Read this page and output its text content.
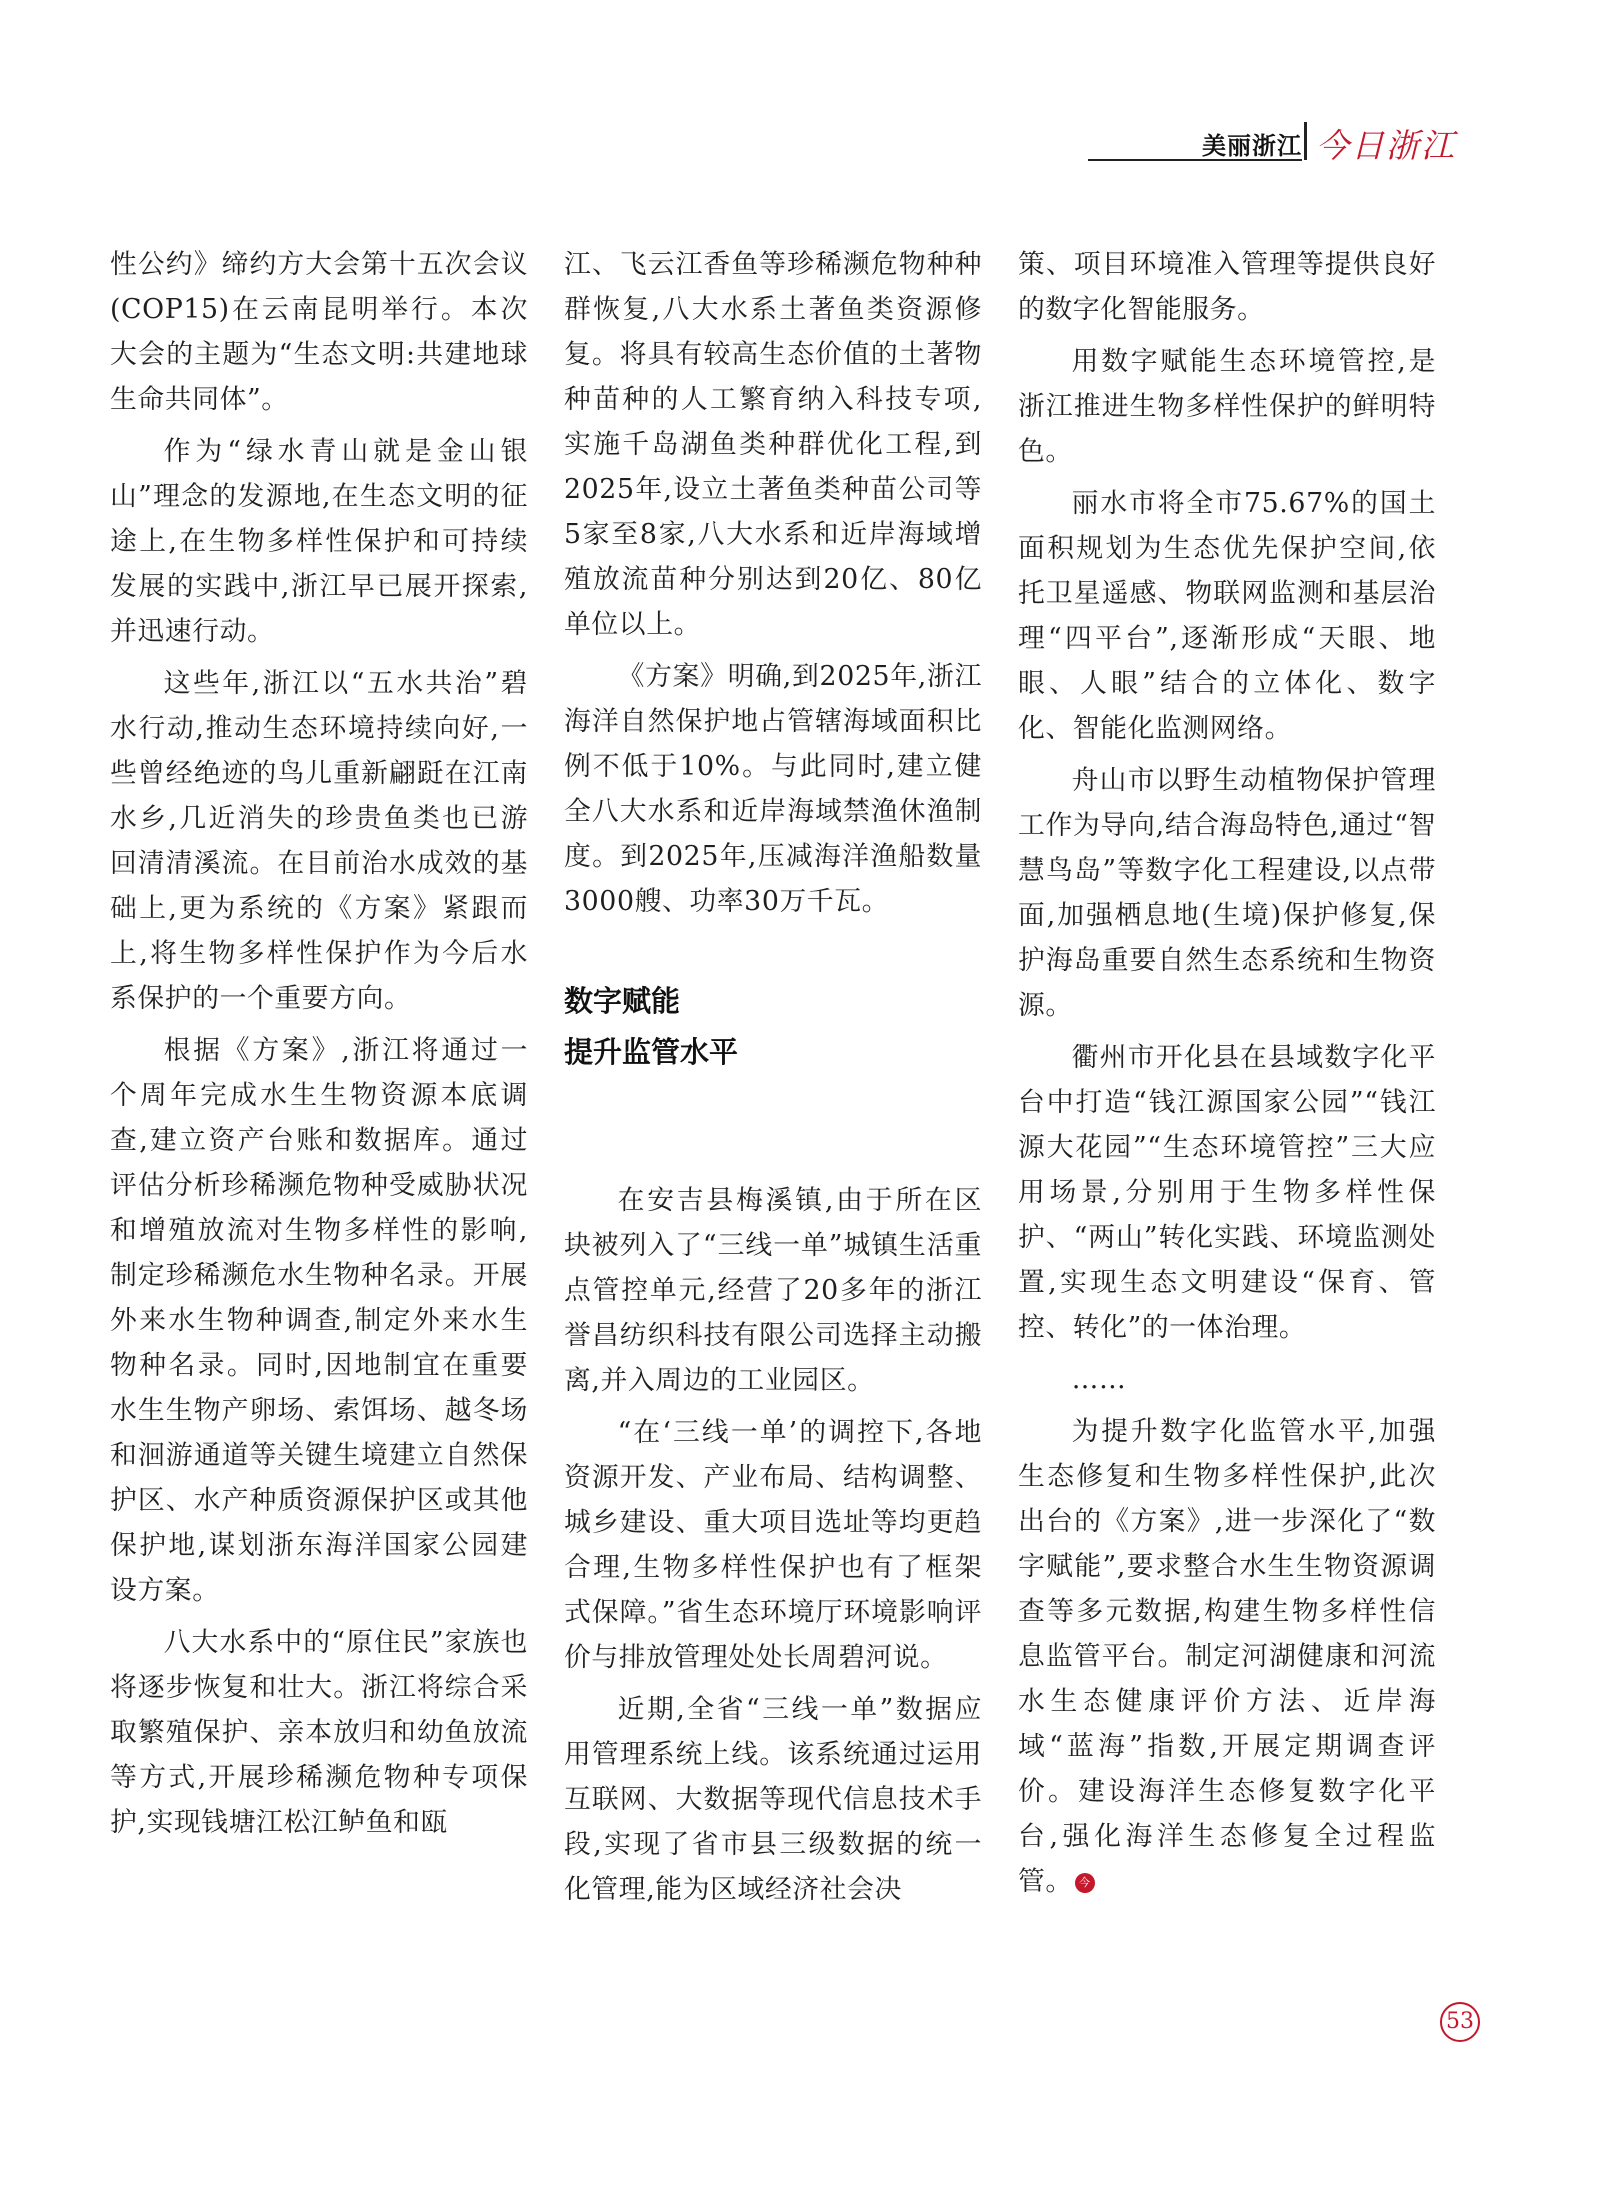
美丽浙江 今日浙江

性公约》缔约方大会第十五次会议(COP15)在云南昆明举行。本次大会的主题为“生态文明:共建地球生命共同体”。

作为“绿水青山就是金山银山”理念的发源地,在生态文明的征途上,在生物多样性保护和可持续发展的实践中,浙江早已展开探索,并迅速行动。

这些年,浙江以“五水共治”碧水行动,推动生态环境持续向好,一些曾经绝迹的鸟儿重新翩跹在江南水乡,几近消失的珍贵鱼类也已游回清清溪流。在目前治水成效的基础上,更为系统的《方案》紧跟而上,将生物多样性保护作为今后水系保护的一个重要方向。

根据《方案》,浙江将通过一个周年完成水生生物资源本底调查,建立资产台账和数据库。通过评估分析珍稀濒危物种受威胁状况和增殖放流对生物多样性的影响,制定珍稀濒危水生物种名录。开展外来水生物种调查,制定外来水生物种名录。同时,因地制宜在重要水生生物产卵场、索饵场、越冬场和洄游通道等关键生境建立自然保护区、水产种质资源保护区或其他保护地,谋划浙东海洋国家公园建设方案。

八大水系中的“原住民”家族也将逐步恢复和壮大。浙江将综合采取繁殖保护、亲本放归和幼鱼放流等方式,开展珍稀濒危物种专项保护,实现钱塘江松江鲈鱼和瓯

江、飞云江香鱼等珍稀濒危物种种群恢复,八大水系土著鱼类资源修复。将具有较高生态价值的土著物种苗种的人工繁育纳入科技专项,实施千岛湖鱼类种群优化工程,到2025年,设立土著鱼类种苗公司等5家至8家,八大水系和近岸海域增殖放流苗种分别达到20亿、80亿单位以上。

《方案》明确,到2025年,浙江海洋自然保护地占管辖海域面积比例不低于10%。与此同时,建立健全八大水系和近岸海域禁渔休渔制度。到2025年,压减海洋渔船数量3000艘、功率30万千瓦。

数字赋能
提升监管水平

在安吉县梅溪镇,由于所在区块被列入了“三线一单”城镇生活重点管控单元,经营了20多年的浙江誉昌纺织科技有限公司选择主动搬离,并入周边的工业园区。

“在‘三线一单’的调控下,各地资源开发、产业布局、结构调整、城乡建设、重大项目选址等均更趋合理,生物多样性保护也有了框架式保障。”省生态环境厅环境影响评价与排放管理处处长周碧河说。

近期,全省“三线一单”数据应用管理系统上线。该系统通过运用互联网、大数据等现代信息技术手段,实现了省市县三级数据的统一化管理,能为区域经济社会决

策、项目环境准入管理等提供良好的数字化智能服务。

用数字赋能生态环境管控,是浙江推进生物多样性保护的鲜明特色。

丽水市将全市75.67%的国土面积规划为生态优先保护空间,依托卫星遥感、物联网监测和基层治理“四平台”,逐渐形成“天眼、地眼、人眼”结合的立体化、数字化、智能化监测网络。

舟山市以野生动植物保护管理工作为导向,结合海岛特色,通过“智慧鸟岛”等数字化工程建设,以点带面,加强栖息地(生境)保护修复,保护海岛重要自然生态系统和生物资源。

衢州市开化县在县域数字化平台中打造“钱江源国家公园”“钱江源大花园”“生态环境管控”三大应用场景,分别用于生物多样性保护、“两山”转化实践、环境监测处置,实现生态文明建设“保育、管控、转化”的一体治理。

……

为提升数字化监管水平,加强生态修复和生物多样性保护,此次出台的《方案》,进一步深化了“数字赋能”,要求整合水生生物资源调查等多元数据,构建生物多样性信息监管平台。制定河湖健康和河流水生态健康评价方法、近岸海域“蓝海”指数,开展定期调查评价。建设海洋生态修复数字化平台,强化海洋生态修复全过程监管。 今

53
